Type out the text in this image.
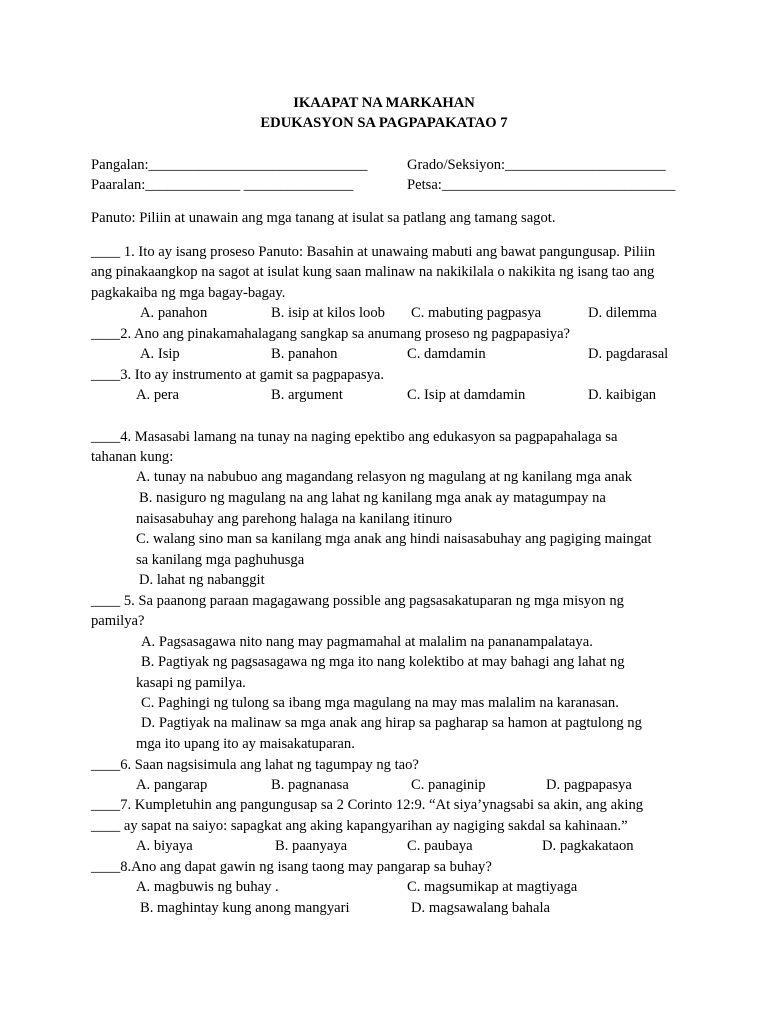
IKAAPAT NA MARKAHAN
EDUKASYON SA PAGPAPAKATAO 7
Pangalan:______________________________	Grado/Seksiyon:______________________
Paaralan:_____________ _______________	Petsa:________________________________
Panuto: Piliin at unawain ang mga tanang at isulat sa patlang ang tamang sagot.
____ 1. Ito ay isang proseso Panuto: Basahin at unawaing mabuti ang bawat pangungusap. Piliin
ang pinakaangkop na sagot at isulat kung saan malinaw na nakikilala o nakikita ng isang tao ang
pagkakaiba ng mga bagay-bagay.
A. panahon	B. isip at kilos loob C. mabuting pagpasya	D. dilemma
____2. Ano ang pinakamahalagang sangkap sa anumang proseso ng pagpapasiya?
A. Isip	B. panahon	C. damdamin	D. pagdarasal
____3. Ito ay instrumento at gamit sa pagpapasya.
A. pera	B. argument	C. Isip at damdamin	D. kaibigan
____4. Masasabi lamang na tunay na naging epektibo ang edukasyon sa pagpapahalaga sa
tahanan kung:
A. tunay na nabubuo ang magandang relasyon ng magulang at ng kanilang mga anak
B. nasiguro ng magulang na ang lahat ng kanilang mga anak ay matagumpay na
naisasabuhay ang parehong halaga na kanilang itinuro
C. walang sino man sa kanilang mga anak ang hindi naisasabuhay ang pagiging maingat
sa kanilang mga paghuhusga
D. lahat ng nabanggit
____ 5. Sa paanong paraan magagawang possible ang pagsasakatuparan ng mga misyon ng
pamilya?
A. Pagsasagawa nito nang may pagmamahal at malalim na pananampalataya.
B. Pagtiyak ng pagsasagawa ng mga ito nang kolektibo at may bahagi ang lahat ng
kasapi ng pamilya.
C. Paghingi ng tulong sa ibang mga magulang na may mas malalim na karanasan.
D. Pagtiyak na malinaw sa mga anak ang hirap sa pagharap sa hamon at pagtulong ng
mga ito upang ito ay maisakatuparan.
____6. Saan nagsisimula ang lahat ng tagumpay ng tao?
A. pangarap	B. pagnanasa	C. panaginip	D. pagpapasya
____7. Kumpletuhin ang pangungusap sa 2 Corinto 12:9. “At siya’ynagsabi sa akin, ang aking
____ ay sapat na saiyo: sapagkat ang aking kapangyarihan ay nagiging sakdal sa kahinaan.”
A. biyaya	B. paanyaya	C. paubaya	D. pagkakataon
____8.Ano ang dapat gawin ng isang taong may pangarap sa buhay?
A. magbuwis ng buhay .	C. magsumikap at magtiyaga
B. maghintay kung anong mangyari	D. magsawalang bahala
